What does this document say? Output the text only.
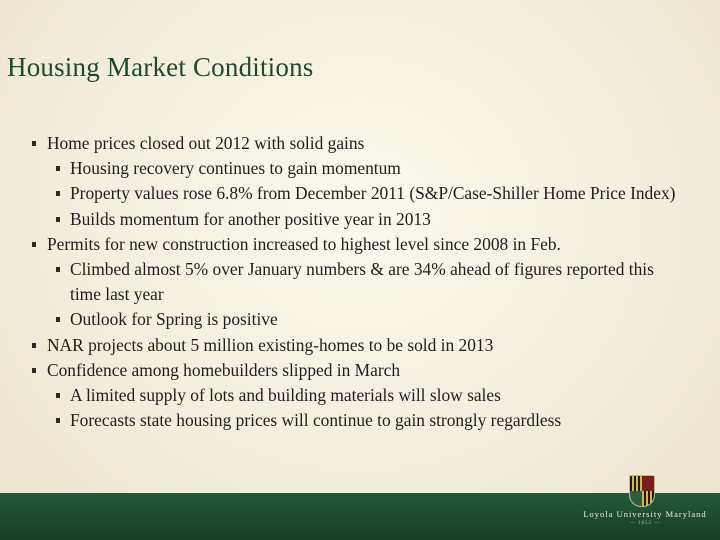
Housing Market Conditions
Home prices closed out 2012 with solid gains
Housing recovery continues to gain momentum
Property values rose 6.8% from December 2011 (S&P/Case-Shiller Home Price Index)
Builds momentum for another positive year in 2013
Permits for new construction increased to highest level since 2008 in Feb.
Climbed almost 5% over January numbers & are 34% ahead of figures reported this time last year
Outlook for Spring is positive
NAR projects about 5 million existing-homes to be sold in 2013
Confidence among homebuilders slipped in March
A limited supply of lots and building materials will slow sales
Forecasts state housing prices will continue to gain strongly regardless
Loyola University Maryland
— 1852 —
